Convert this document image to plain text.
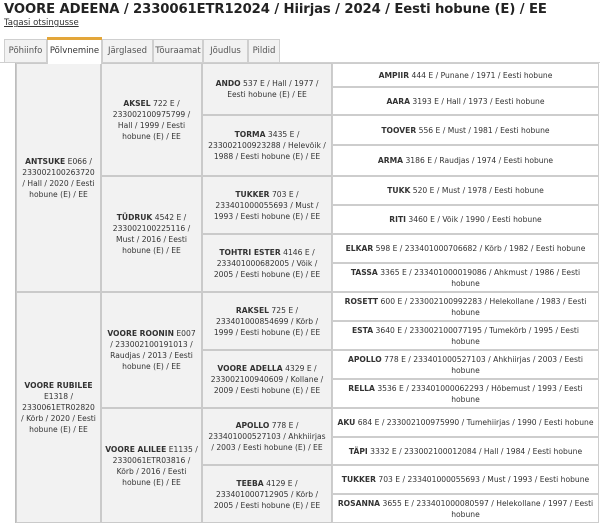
VOORE ADEENA / 2330061ETR12024 / Hiirjas / 2024 / Eesti hobune (E) / EE
Tagasi otsingusse
Põhiinfo Põlvnemine	Järglased Tõuraamat	Jõudlus	Pildid
ANTSUKE E066 / 233002100263720 / Hall / 2020 / Eesti hobune (E) / EE
VOORE RUBILEE E1318 / 2330061ETR02820 / Kõrb / 2020 / Eesti hobune (E) / EE
AKSEL 722 E / 233002100975799 / Hall / 1999 / Eesti hobune (E) / EE
TÜDRUK 4542 E / 233002100225116 / Must / 2016 / Eesti hobune (E) / EE
VOORE ROONIN E007 / 233002100191013 / Raudjas / 2013 / Eesti hobune (E) / EE
VOORE ALILEE E1135 / 2330061ETR03816 / Kõrb / 2016 / Eesti hobune (E) / EE
ANDO 537 E / Hall / 1977 / Eesti hobune (E) / EE
TORMA 3435 E / 233002100923288 / Helevõik / 1988 / Eesti hobune (E) / EE
TUKKER 703 E / 233401000055693 / Must / 1993 / Eesti hobune (E) / EE
TOHTRI ESTER 4146 E / 233401000682005 / Võik / 2005 / Eesti hobune (E) / EE
RAKSEL 725 E / 233401000854699 / Kõrb / 1999 / Eesti hobune (E) / EE
VOORE ADELLA 4329 E / 233002100940609 / Kollane / 2009 / Eesti hobune (E) / EE
APOLLO 778 E / 233401000527103 / Ahkhiirjas / 2003 / Eesti hobune (E) / EE
TEEBA 4129 E / 233401000712905 / Kõrb / 2005 / Eesti hobune (E) / EE
AMPIIR 444 E / Punane / 1971 / Eesti hobune
AARA 3193 E / Hall / 1973 / Eesti hobune
TOOVER 556 E / Must / 1981 / Eesti hobune
ARMA 3186 E / Raudjas / 1974 / Eesti hobune
TUKK 520 E / Must / 1978 / Eesti hobune
RITI 3460 E / Võik / 1990 / Eesti hobune
ELKAR 598 E / 233401000706682 / Kõrb / 1982 / Eesti hobune
TASSA 3365 E / 233401000019086 / Ahkmust / 1986 / Eesti hobune
ROSETT 600 E / 233002100992283 / Helekollane / 1983 / Eesti hobune
ESTA 3640 E / 233002100077195 / Tumekõrb / 1995 / Eesti hobune
APOLLO 778 E / 233401000527103 / Ahkhiirjas / 2003 / Eesti hobune
RELLA 3536 E / 233401000062293 / Hõbemust / 1993 / Eesti hobune
AKU 684 E / 233002100975990 / Tumehiirjas / 1990 / Eesti hobune
TÄPI 3332 E / 233002100012084 / Hall / 1984 / Eesti hobune
TUKKER 703 E / 233401000055693 / Must / 1993 / Eesti hobune
ROSANNA 3655 E / 233401000080597 / Helekollane / 1997 / Eesti hobune
